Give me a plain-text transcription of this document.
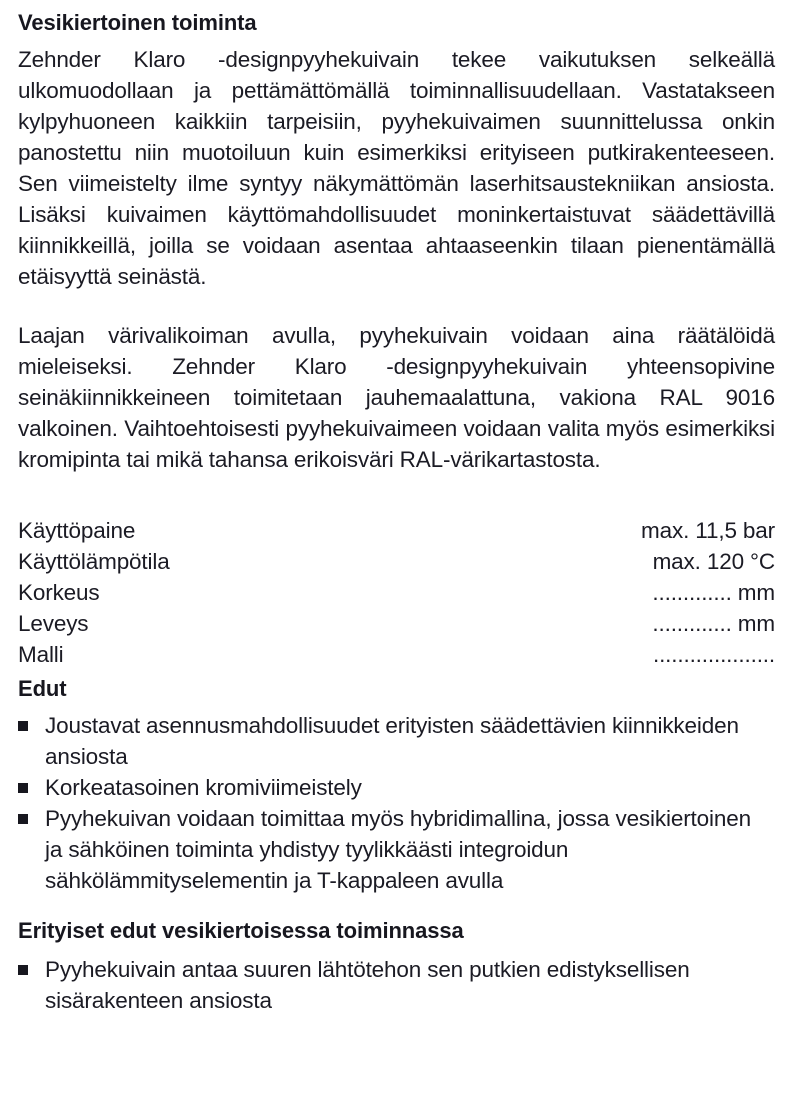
Vesikiertoinen toiminta

Zehnder Klaro -designpyyhekuivain tekee vaikutuksen selkeällä ulkomuodollaan ja pettämättömällä toiminnallisuudellaan. Vastatakseen kylpyhuoneen kaikkiin tarpeisiin, pyyhekuivaimen suunnittelussa onkin panostettu niin muotoiluun kuin esimerkiksi erityiseen putkirakenteeseen. Sen viimeistelty ilme syntyy näkymättömän laserhitsaustekniikan ansiosta. Lisäksi kuivaimen käyttömahdollisuudet moninkertaistuvat säädettävillä kiinnikkeillä, joilla se voidaan asentaa ahtaaseenkin tilaan pienentämällä etäisyyttä seinästä.

Laajan värivalikoiman avulla, pyyhekuivain voidaan aina räätälöidä mieleiseksi. Zehnder Klaro -designpyyhekuivain yhteensopivine seinäkiinnikkeineen toimitetaan jauhemaalattuna, vakiona RAL 9016 valkoinen. Vaihtoehtoisesti pyyhekuivaimeen voidaan valita myös esimerkiksi kromipinta tai mikä tahansa erikoisväri RAL-värikartastosta.

Käyttöpaine	max. 11,5 bar
Käyttölämpötila	max. 120 °C
Korkeus	............. mm
Leveys	............. mm
Malli	....................
Edut
Joustavat asennusmahdollisuudet erityisten säädettävien kiinnikkeiden ansiosta
Korkeatasoinen kromiviimeistely
Pyyhekuivan voidaan toimittaa myös hybridimallina, jossa vesikiertoinen ja sähköinen toiminta yhdistyy tyylikkäästi integroidun sähkölämmityselementin ja T-kappaleen avulla
Erityiset edut vesikiertoisessa toiminnassa
Pyyhekuivain antaa suuren lähtötehon sen putkien edistyksellisen sisärakenteen ansiosta
